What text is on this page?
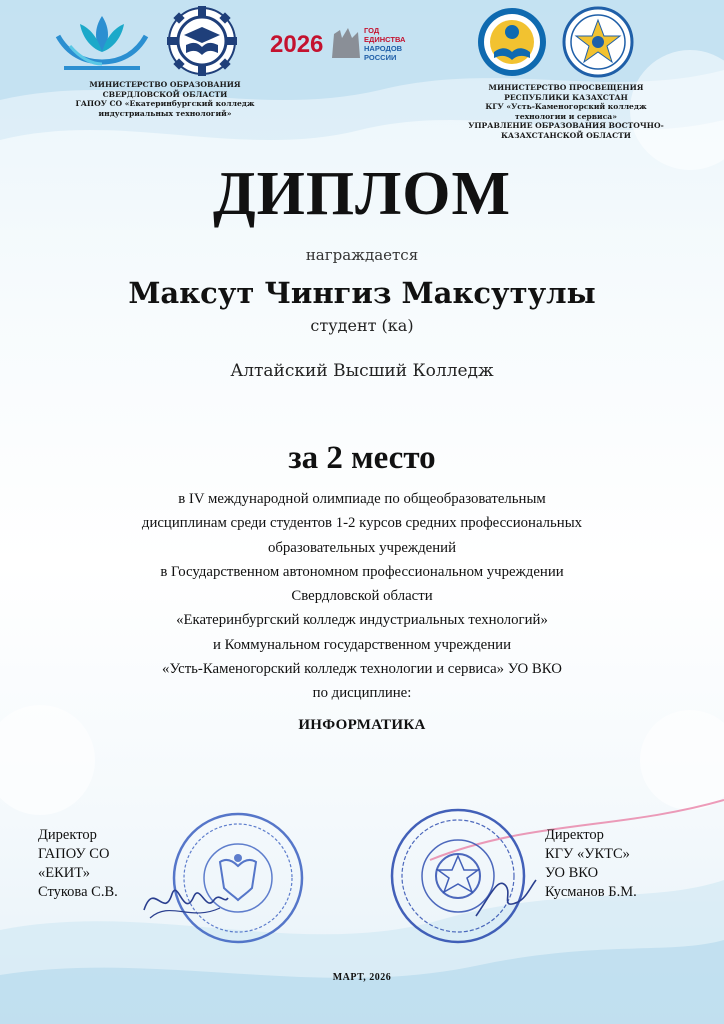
2026
ГОД
ЕДИНСТВА
НАРОДОВ
РОССИИ
МИНИСТЕРСТВО ОБРАЗОВАНИЯ
СВЕРДЛОВСКОЙ ОБЛАСТИ
ГАПОУ СО «Екатеринбургский колледж
индустриальных технологий»
МИНИСТЕРСТВО ПРОСВЕЩЕНИЯ
РЕСПУБЛИКИ КАЗАХСТАН
КГУ «Усть-Каменогорский колледж
технологии и сервиса»
УПРАВЛЕНИЕ ОБРАЗОВАНИЯ ВОСТОЧНО-
КАЗАХСТАНСКОЙ ОБЛАСТИ
ДИПЛОМ
награждается
Максут Чингиз Максутулы
студент (ка)
Алтайский Высший Колледж
за 2 место
в IV международной олимпиаде по общеобразовательным
дисциплинам среди студентов 1-2 курсов средних профессиональных
образовательных учреждений
в Государственном автономном профессиональном учреждении
Свердловской области
«Екатеринбургский колледж индустриальных технологий»
и Коммунальном государственном учреждении
«Усть-Каменогорский колледж технологии и сервиса» УО ВКО
по дисциплине:
ИНФОРМАТИКА
Директор
ГАПОУ СО
«ЕКИТ»
Стукова С.В.
Директор
КГУ «УКТС»
УО ВКО
Кусманов Б.М.
МАРТ, 2026
